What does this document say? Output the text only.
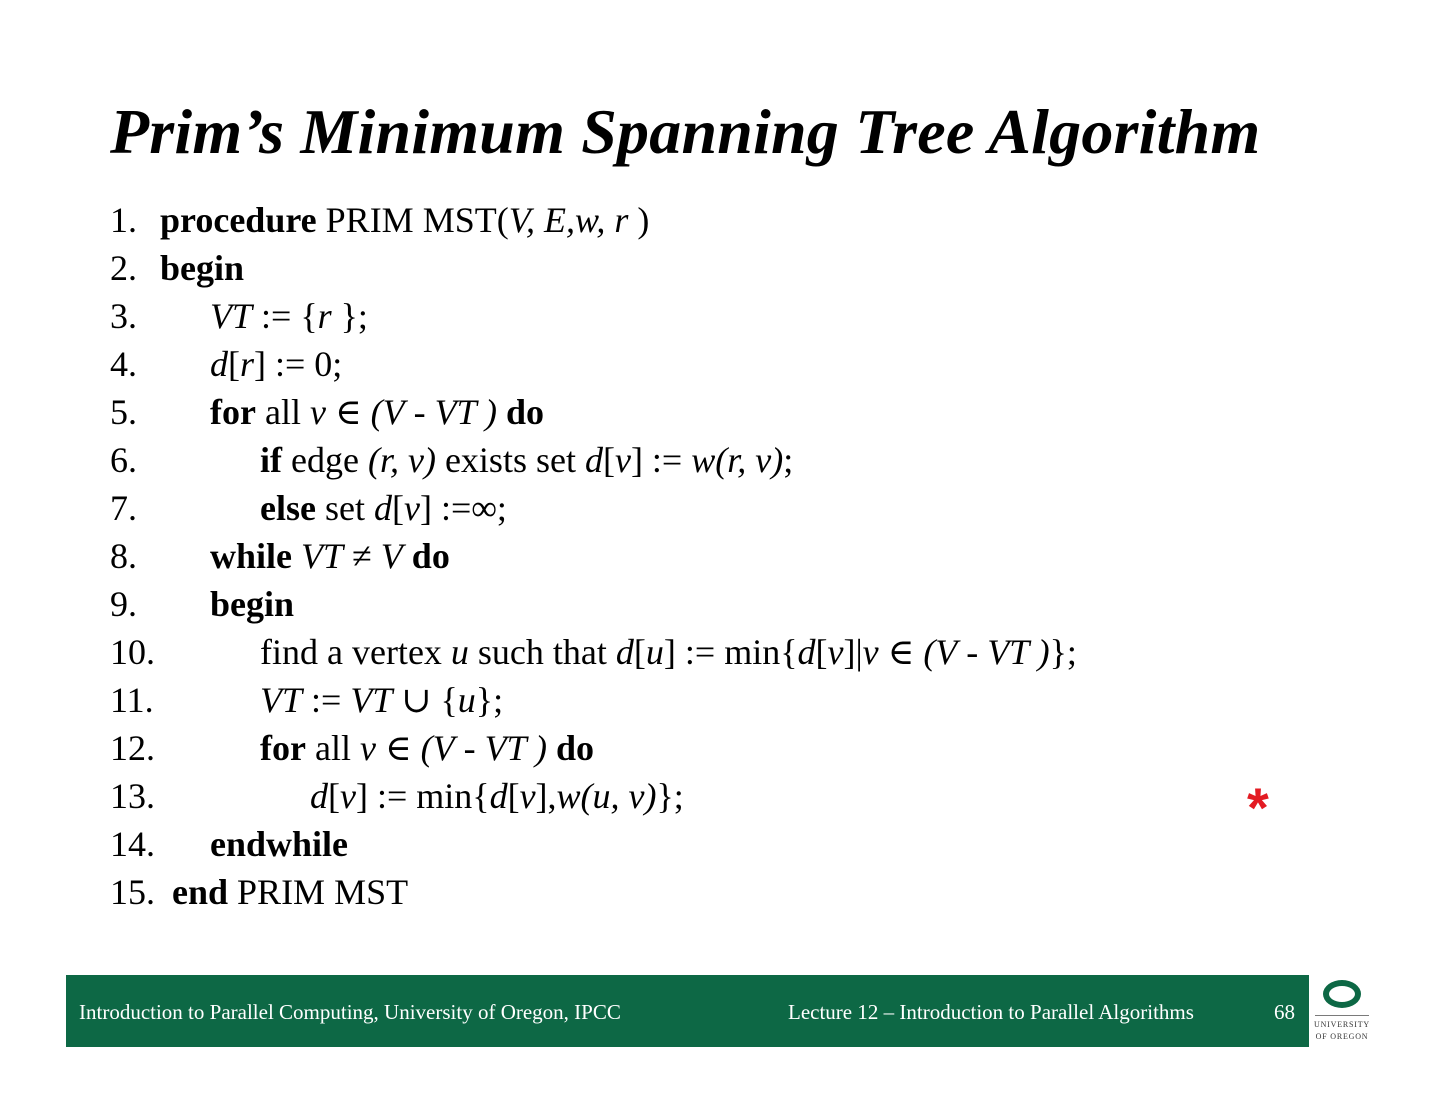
Prim’s Minimum Spanning Tree Algorithm
1. procedure PRIM MST(V, E,w, r )
2. begin
3. VT := {r };
4. d[r] := 0;
5. for all v ∈ (V - VT ) do
6.	if edge (r, v) exists set d[v] := w(r, v);
7.	else set d[v] :=∞;
8. while VT ≠ V do
9. begin
10.	find a vertex u such that d[u] := min{d[v]|v ∈ (V - VT )};
11.	VT := VT ∪ {u};
12.	for all v ∈ (V - VT ) do
13.	d[v] := min{d[v],w(u, v)};
14. endwhile
15. end PRIM MST
*
Introduction to Parallel Computing, University of Oregon, IPCC	Lecture 12 – Introduction to Parallel Algorithms	68
UNIVERSITY
OF OREGON
